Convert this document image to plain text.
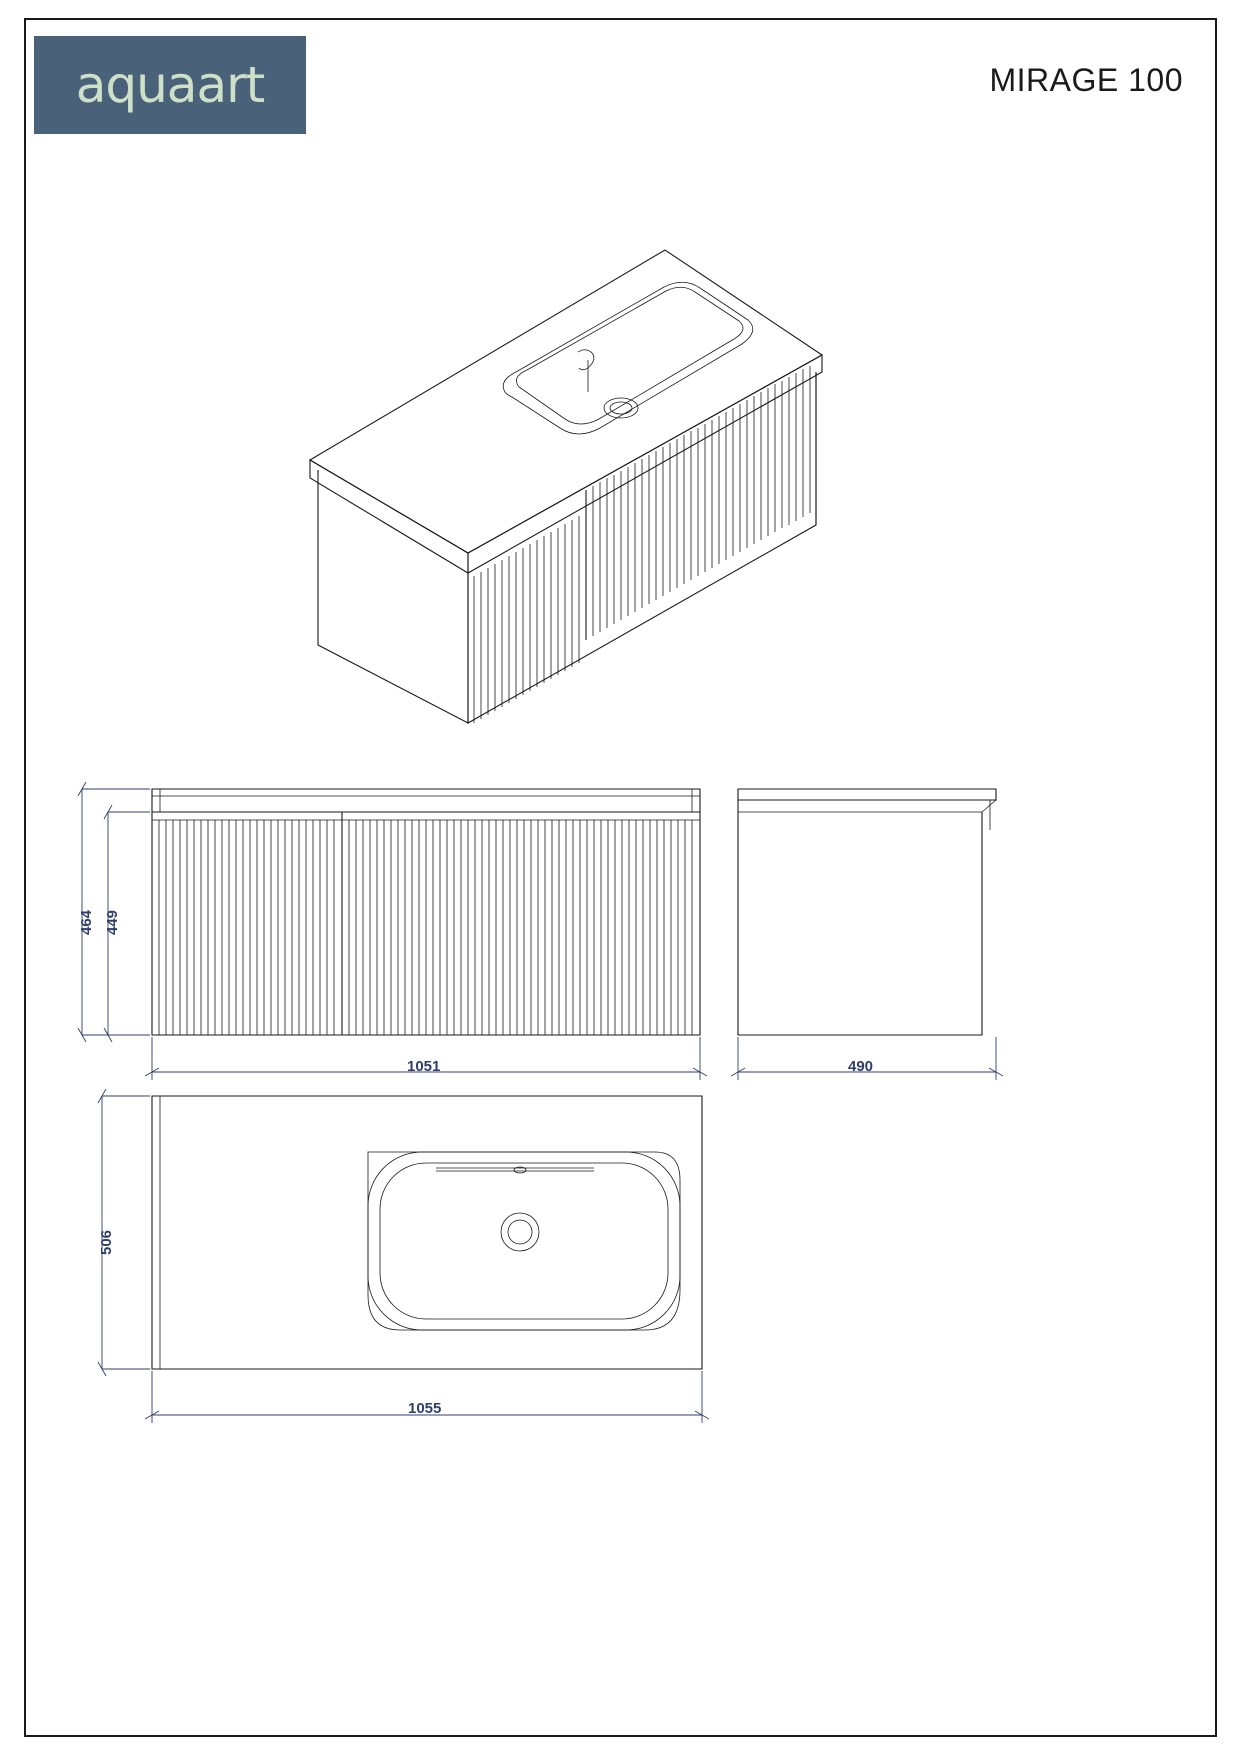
aquaart	MIRAGE 100
464 449
1051	490
506
1055
